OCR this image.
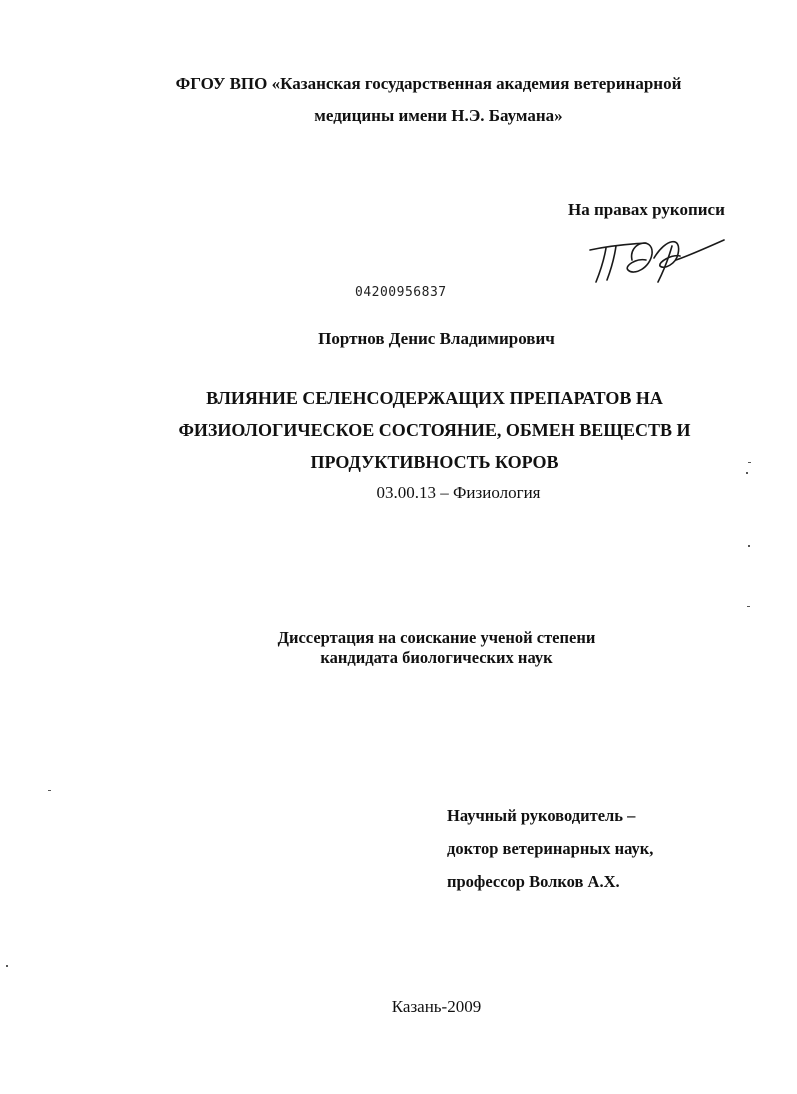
ФГОУ ВПО «Казанская государственная академия ветеринарной
медицины имени Н.Э. Баумана»
На правах рукописи
04200956837
Портнов Денис Владимирович
ВЛИЯНИЕ СЕЛЕНСОДЕРЖАЩИХ ПРЕПАРАТОВ НА
ФИЗИОЛОГИЧЕСКОЕ СОСТОЯНИЕ, ОБМЕН ВЕЩЕСТВ И
ПРОДУКТИВНОСТЬ КОРОВ
03.00.13 – Физиология
Диссертация на соискание ученой степени
кандидата биологических наук
Научный руководитель –
доктор ветеринарных наук,
профессор Волков А.Х.
Казань-2009
